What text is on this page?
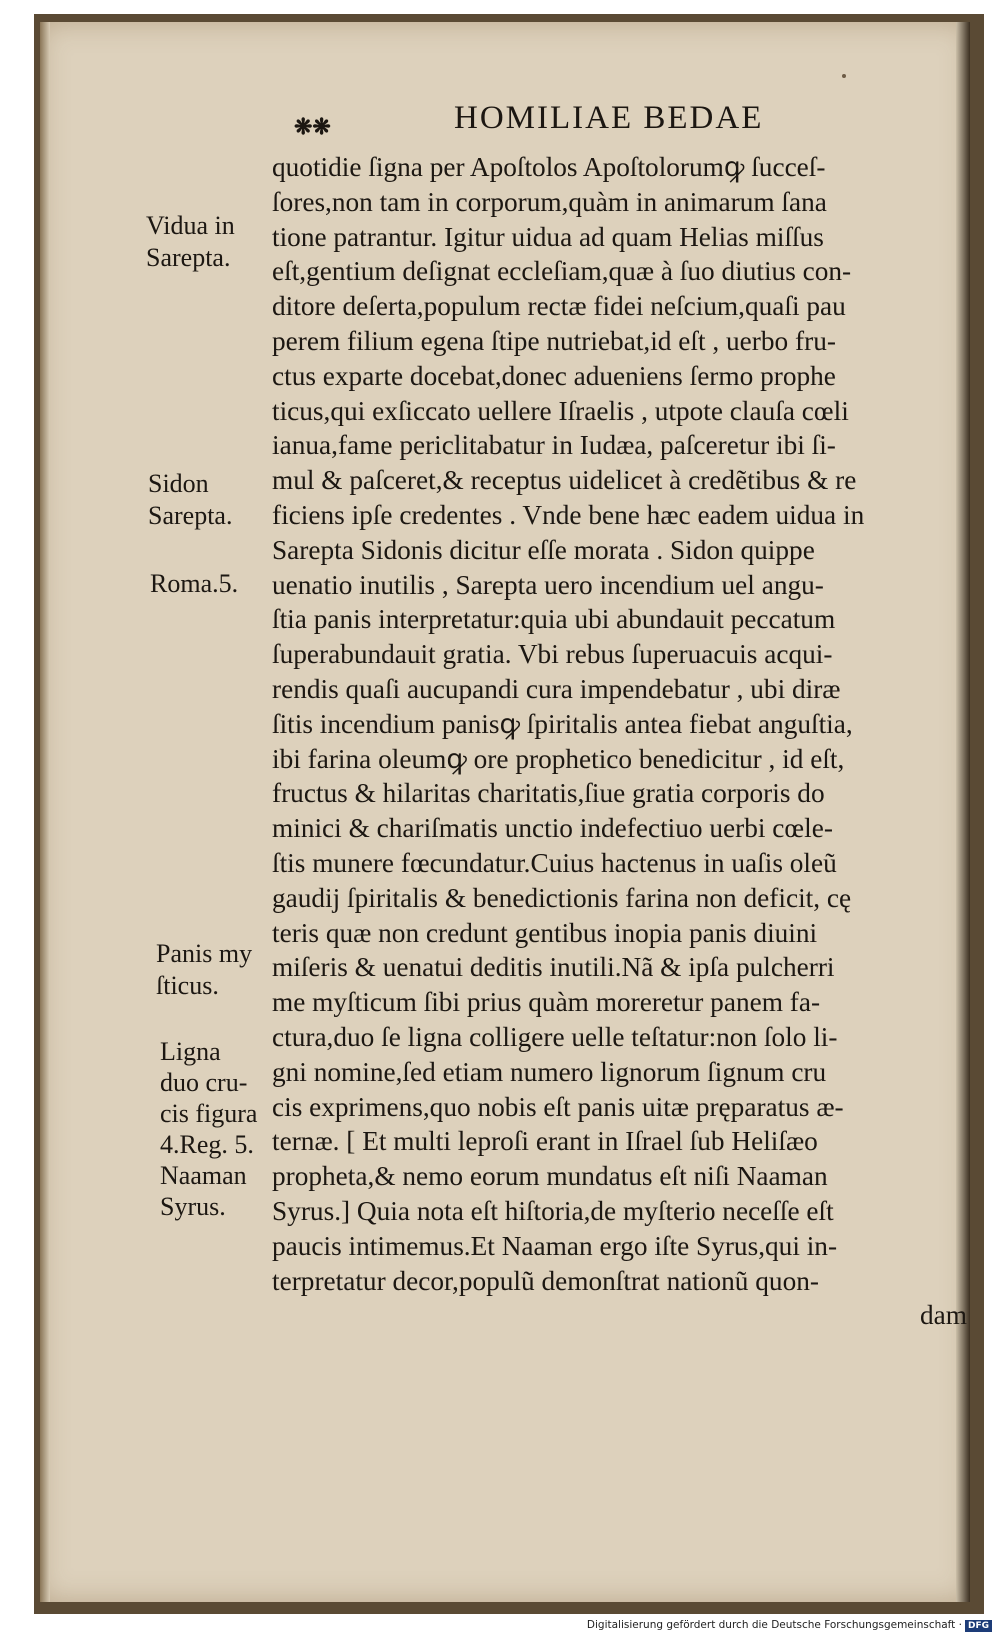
❋❋	HOMILIAE BEDAE
quotidie ſigna per Apoſtolos Apoſtolorumꝙ ſucceſ-
ſores,non tam in corporum,quàm in animarum ſana
tione patrantur. Igitur uidua ad quam Helias miſſus
eſt,gentium deſignat eccleſiam,quæ à ſuo diutius con-
ditore deſerta,populum rectæ fidei neſcium,quaſi pau
perem filium egena ſtipe nutriebat,id eſt , uerbo fru-
ctus exparte docebat,donec adueniens ſermo prophe
ticus,qui exſiccato uellere Iſraelis , utpote clauſa cœli
ianua,fame periclitabatur in Iudæa, paſceretur ibi ſi-
mul & paſceret,& receptus uidelicet à credẽtibus & re
ficiens ipſe credentes . Vnde bene hæc eadem uidua in
Sarepta Sidonis dicitur eſſe morata . Sidon quippe
uenatio inutilis , Sarepta uero incendium uel angu-
ſtia panis interpretatur:quia ubi abundauit peccatum
ſuperabundauit gratia. Vbi rebus ſuperuacuis acqui-
rendis quaſi aucupandi cura impendebatur , ubi diræ
ſitis incendium panisꝙ ſpiritalis antea fiebat anguſtia,
ibi farina oleumꝙ ore prophetico benedicitur , id eſt,
fructus & hilaritas charitatis,ſiue gratia corporis do
minici & chariſmatis unctio indefectiuo uerbi cœle-
ſtis munere fœcundatur.Cuius hactenus in uaſis oleũ
gaudij ſpiritalis & benedictionis farina non deficit, cę
teris quæ non credunt gentibus inopia panis diuini
miſeris & uenatui deditis inutili.Nã & ipſa pulcherri
me myſticum ſibi prius quàm moreretur panem fa-
ctura,duo ſe ligna colligere uelle teſtatur:non ſolo li-
gni nomine,ſed etiam numero lignorum ſignum cru
cis exprimens,quo nobis eſt panis uitæ pręparatus æ-
ternæ. [ Et multi leproſi erant in Iſrael ſub Heliſæo
propheta,& nemo eorum mundatus eſt niſi Naaman
Syrus.] Quia nota eſt hiſtoria,de myſterio neceſſe eſt
paucis intimemus.Et Naaman ergo iſte Syrus,qui in-
terpretatur decor,populũ demonſtrat nationũ quon-
dam
Vidua in
Sarepta.
Sidon
Sarepta.
Roma.5.
Panis my
ſticus.
Ligna
duo cru-
cis figura
4.Reg. 5.
Naaman
Syrus.
Digitalisierung gefördert durch die Deutsche Forschungsgemeinschaft · DFG
